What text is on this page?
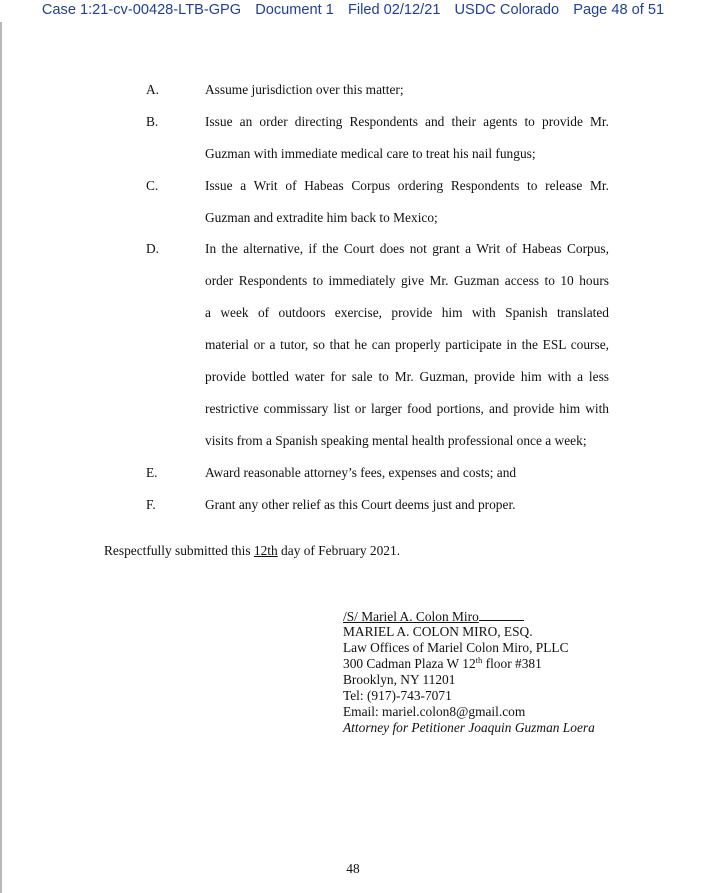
Case 1:21-cv-00428-LTB-GPG Document 1 Filed 02/12/21 USDC Colorado Page 48 of 51
A.	Assume jurisdiction over this matter;
B.	Issue an order directing Respondents and their agents to provide Mr.
Guzman with immediate medical care to treat his nail fungus;
C.	Issue a Writ of Habeas Corpus ordering Respondents to release Mr.
Guzman and extradite him back to Mexico;
D.	In the alternative, if the Court does not grant a Writ of Habeas Corpus,
order Respondents to immediately give Mr. Guzman access to 10 hours
a week of outdoors exercise, provide him with Spanish translated
material or a tutor, so that he can properly participate in the ESL course,
provide bottled water for sale to Mr. Guzman, provide him with a less
restrictive commissary list or larger food portions, and provide him with
visits from a Spanish speaking mental health professional once a week;
E.	Award reasonable attorney’s fees, expenses and costs; and
F.	Grant any other relief as this Court deems just and proper.
Respectfully submitted this 12th day of February 2021.
/S/ Mariel A. Colon Miro
MARIEL A. COLON MIRO, ESQ.
Law Offices of Mariel Colon Miro, PLLC
300 Cadman Plaza W 12th floor #381
Brooklyn, NY 11201
Tel: (917)-743-7071
Email: mariel.colon8@gmail.com
Attorney for Petitioner Joaquin Guzman Loera
48
